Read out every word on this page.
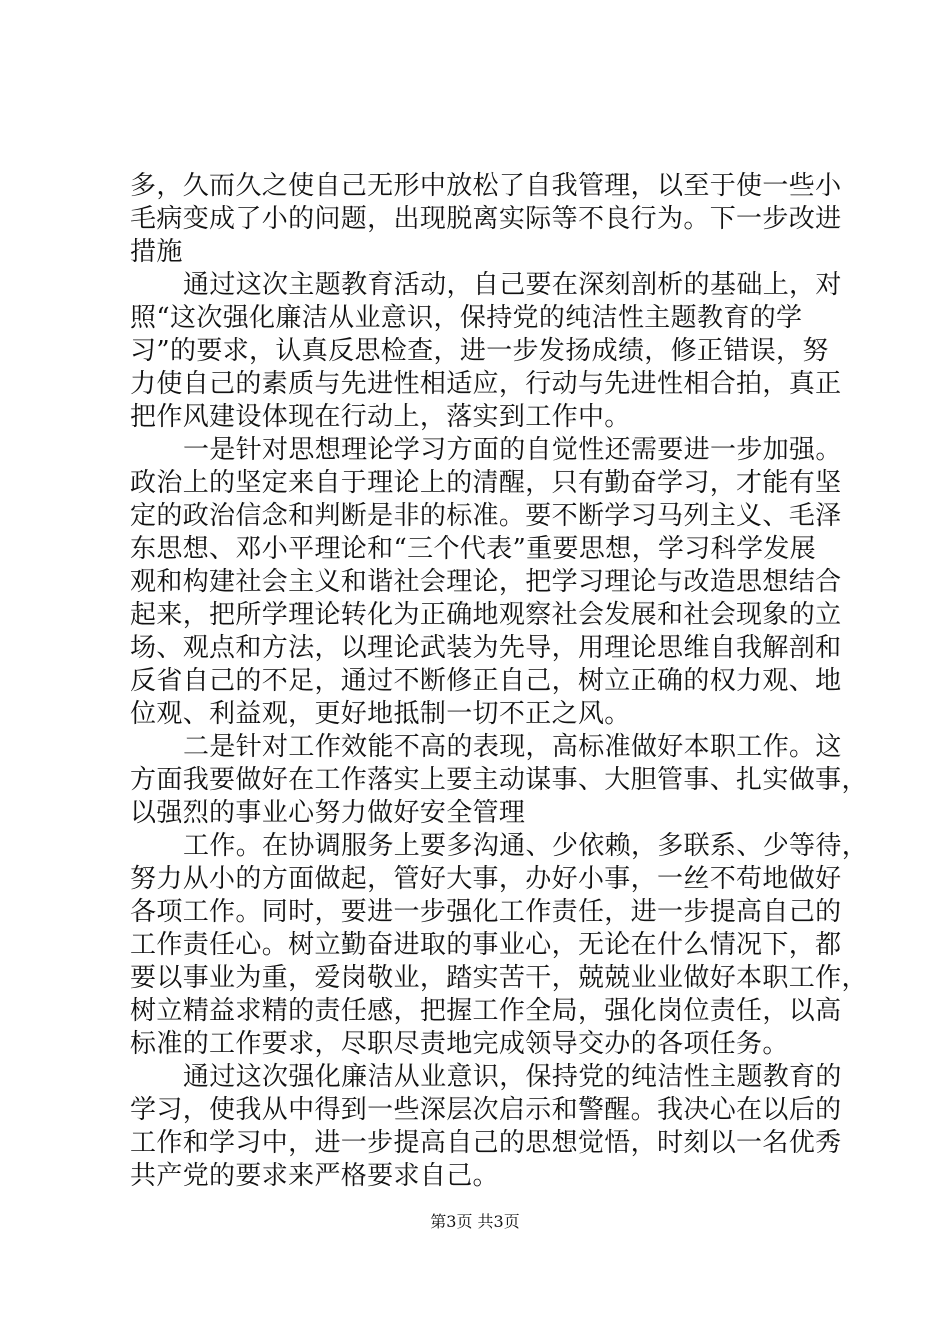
多，久而久之使自己无形中放松了自我管理，以至于使一些小
毛病变成了小的问题，出现脱离实际等不良行为。下一步改进
措施
通过这次主题教育活动，自己要在深刻剖析的基础上，对
照“这次强化廉洁从业意识，保持党的纯洁性主题教育的学
习”的要求，认真反思检查，进一步发扬成绩，修正错误，努
力使自己的素质与先进性相适应，行动与先进性相合拍，真正
把作风建设体现在行动上，落实到工作中。
一是针对思想理论学习方面的自觉性还需要进一步加强。
政治上的坚定来自于理论上的清醒，只有勤奋学习，才能有坚
定的政治信念和判断是非的标准。要不断学习马列主义、毛泽
东思想、邓小平理论和“三个代表”重要思想，学习科学发展
观和构建社会主义和谐社会理论，把学习理论与改造思想结合
起来，把所学理论转化为正确地观察社会发展和社会现象的立
场、观点和方法，以理论武装为先导，用理论思维自我解剖和
反省自己的不足，通过不断修正自己，树立正确的权力观、地
位观、利益观，更好地抵制一切不正之风。
二是针对工作效能不高的表现，高标准做好本职工作。这
方面我要做好在工作落实上要主动谋事、大胆管事、扎实做事，
以强烈的事业心努力做好安全管理
工作。在协调服务上要多沟通、少依赖，多联系、少等待，
努力从小的方面做起，管好大事，办好小事，一丝不苟地做好
各项工作。同时，要进一步强化工作责任，进一步提高自己的
工作责任心。树立勤奋进取的事业心，无论在什么情况下，都
要以事业为重，爱岗敬业，踏实苦干，兢兢业业做好本职工作，
树立精益求精的责任感，把握工作全局，强化岗位责任，以高
标准的工作要求，尽职尽责地完成领导交办的各项任务。
通过这次强化廉洁从业意识，保持党的纯洁性主题教育的
学习，使我从中得到一些深层次启示和警醒。我决心在以后的
工作和学习中，进一步提高自己的思想觉悟，时刻以一名优秀
共产党的要求来严格要求自己。
第3页 共3页
